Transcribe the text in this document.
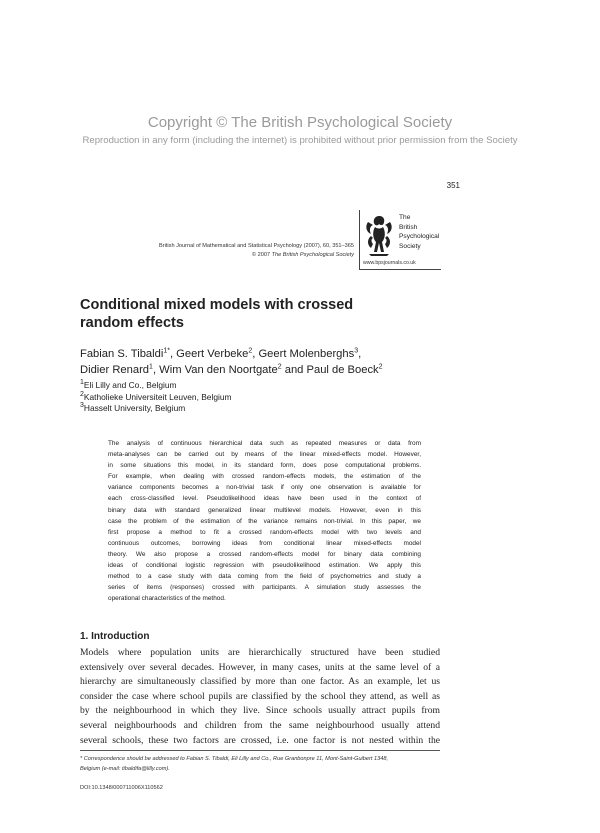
Copyright © The British Psychological Society
Reproduction in any form (including the internet) is prohibited without prior permission from the Society
351
British Journal of Mathematical and Statistical Psychology (2007), 60, 351–365
© 2007 The British Psychological Society
The
British
Psychological
Society
www.bpsjournals.co.uk
Conditional mixed models with crossed
random effects
Fabian S. Tibaldi$^{1*}$, Geert Verbeke$^2$, Geert Molenberghs$^3$,
Didier Renard$^1$, Wim Van den Noortgate$^2$ and Paul de Boeck$^2$
$^1$Eli Lilly and Co., Belgium
$^2$Katholieke Universiteit Leuven, Belgium
$^3$Hasselt University, Belgium
The analysis of continuous hierarchical data such as repeated measures or data from
meta-analyses can be carried out by means of the linear mixed-effects model. However,
in some situations this model, in its standard form, does pose computational problems.
For example, when dealing with crossed random-effects models, the estimation of the
variance components becomes a non-trivial task if only one observation is available for
each cross-classified level. Pseudolikelihood ideas have been used in the context of
binary data with standard generalized linear multilevel models. However, even in this
case the problem of the estimation of the variance remains non-trivial. In this paper, we
first propose a method to fit a crossed random-effects model with two levels and
continuous outcomes, borrowing ideas from conditional linear mixed-effects model
theory. We also propose a crossed random-effects model for binary data combining
ideas of conditional logistic regression with pseudolikelihood estimation. We apply this
method to a case study with data coming from the field of psychometrics and study a
series of items (responses) crossed with participants. A simulation study assesses the
operational characteristics of the method.
1. Introduction
Models where population units are hierarchically structured have been studied
extensively over several decades. However, in many cases, units at the same level of a
hierarchy are simultaneously classified by more than one factor. As an example, let us
consider the case where school pupils are classified by the school they attend, as well as
by the neighbourhood in which they live. Since schools usually attract pupils from
several neighbourhoods and children from the same neighbourhood usually attend
several schools, these two factors are crossed, i.e. one factor is not nested within the
* Correspondence should be addressed to Fabian S. Tibaldi, Eli Lilly and Co., Rue Granbonpre 11, Mont-Saint-Guibert 1348,
Belgium (e-mail: tibaldifa@lilly.com).
DOI:10.1348/000711006X110562
